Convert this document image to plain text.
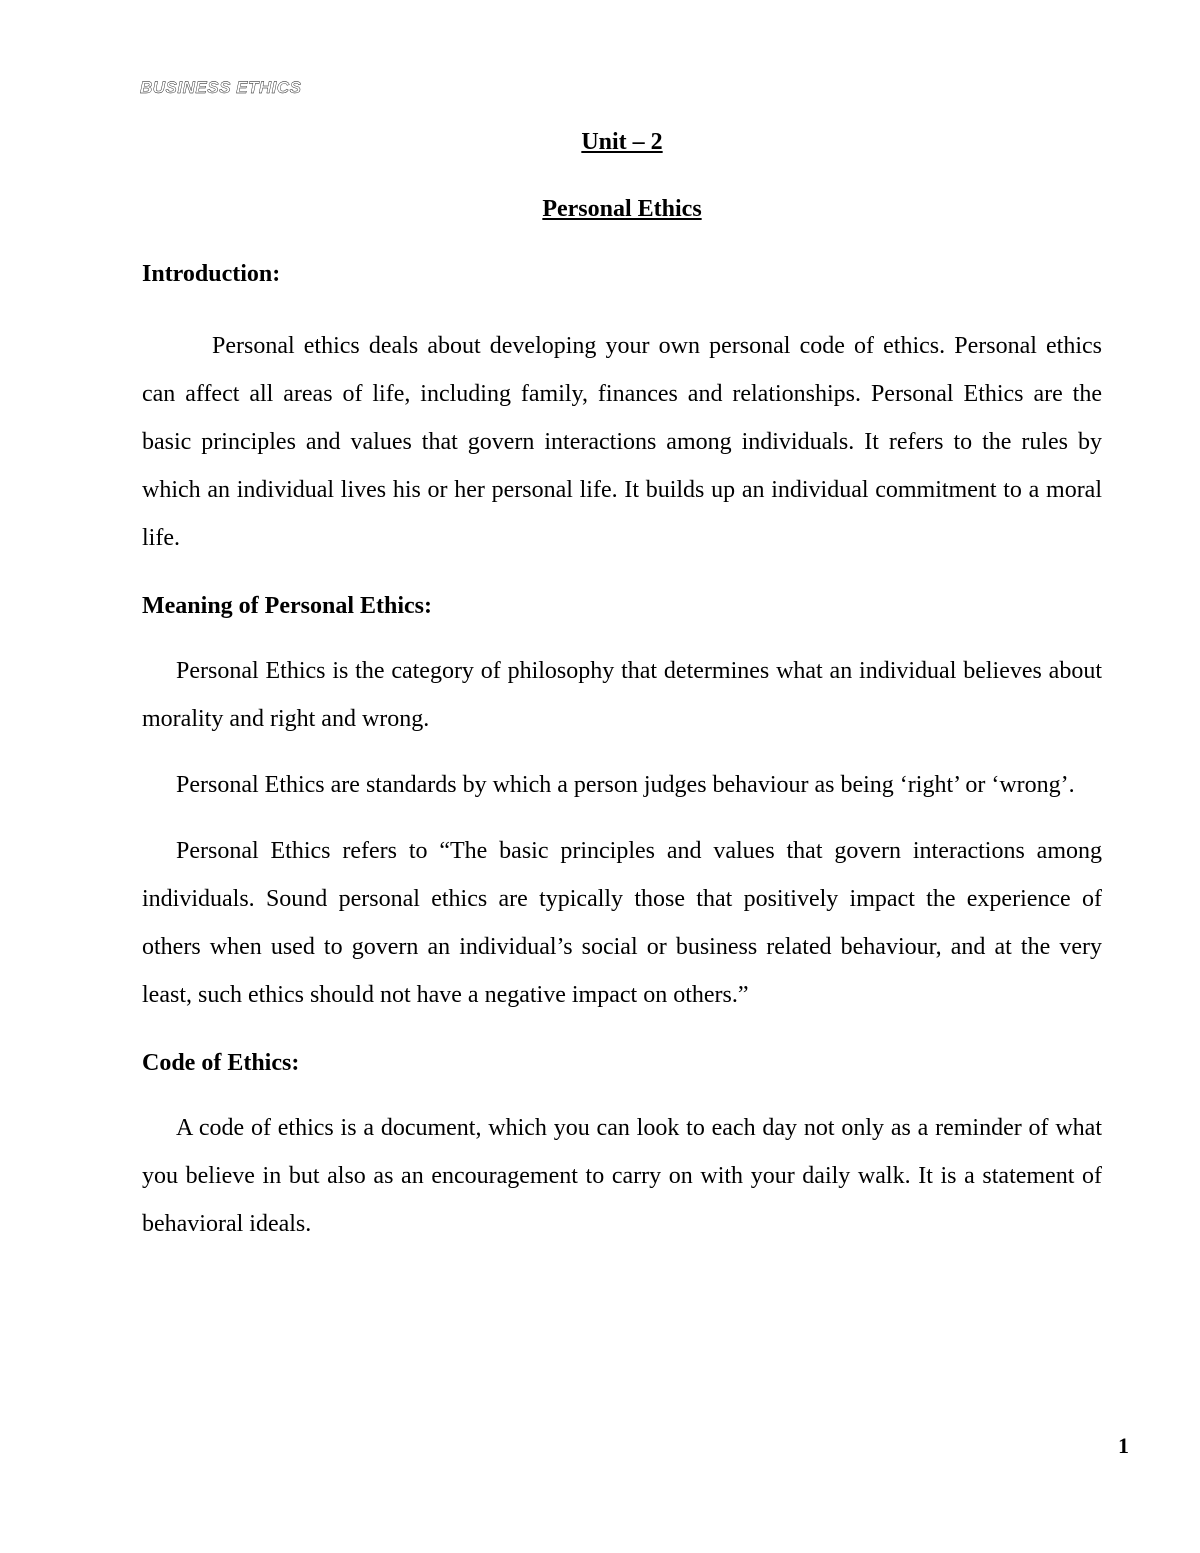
BUSINESS ETHICS

Unit – 2

Personal Ethics

Introduction:

Personal ethics deals about developing your own personal code of ethics. Personal ethics can affect all areas of life, including family, finances and relationships. Personal Ethics are the basic principles and values that govern interactions among individuals. It refers to the rules by which an individual lives his or her personal life. It builds up an individual commitment to a moral life.

Meaning of Personal Ethics:

Personal Ethics is the category of philosophy that determines what an individual believes about morality and right and wrong.

Personal Ethics are standards by which a person judges behaviour as being ‘right’ or ‘wrong’.

Personal Ethics refers to “The basic principles and values that govern interactions among individuals. Sound personal ethics are typically those that positively impact the experience of others when used to govern an individual’s social or business related behaviour, and at the very least, such ethics should not have a negative impact on others.”

Code of Ethics:

A code of ethics is a document, which you can look to each day not only as a reminder of what you believe in but also as an encouragement to carry on with your daily walk. It is a statement of behavioral ideals.

1
